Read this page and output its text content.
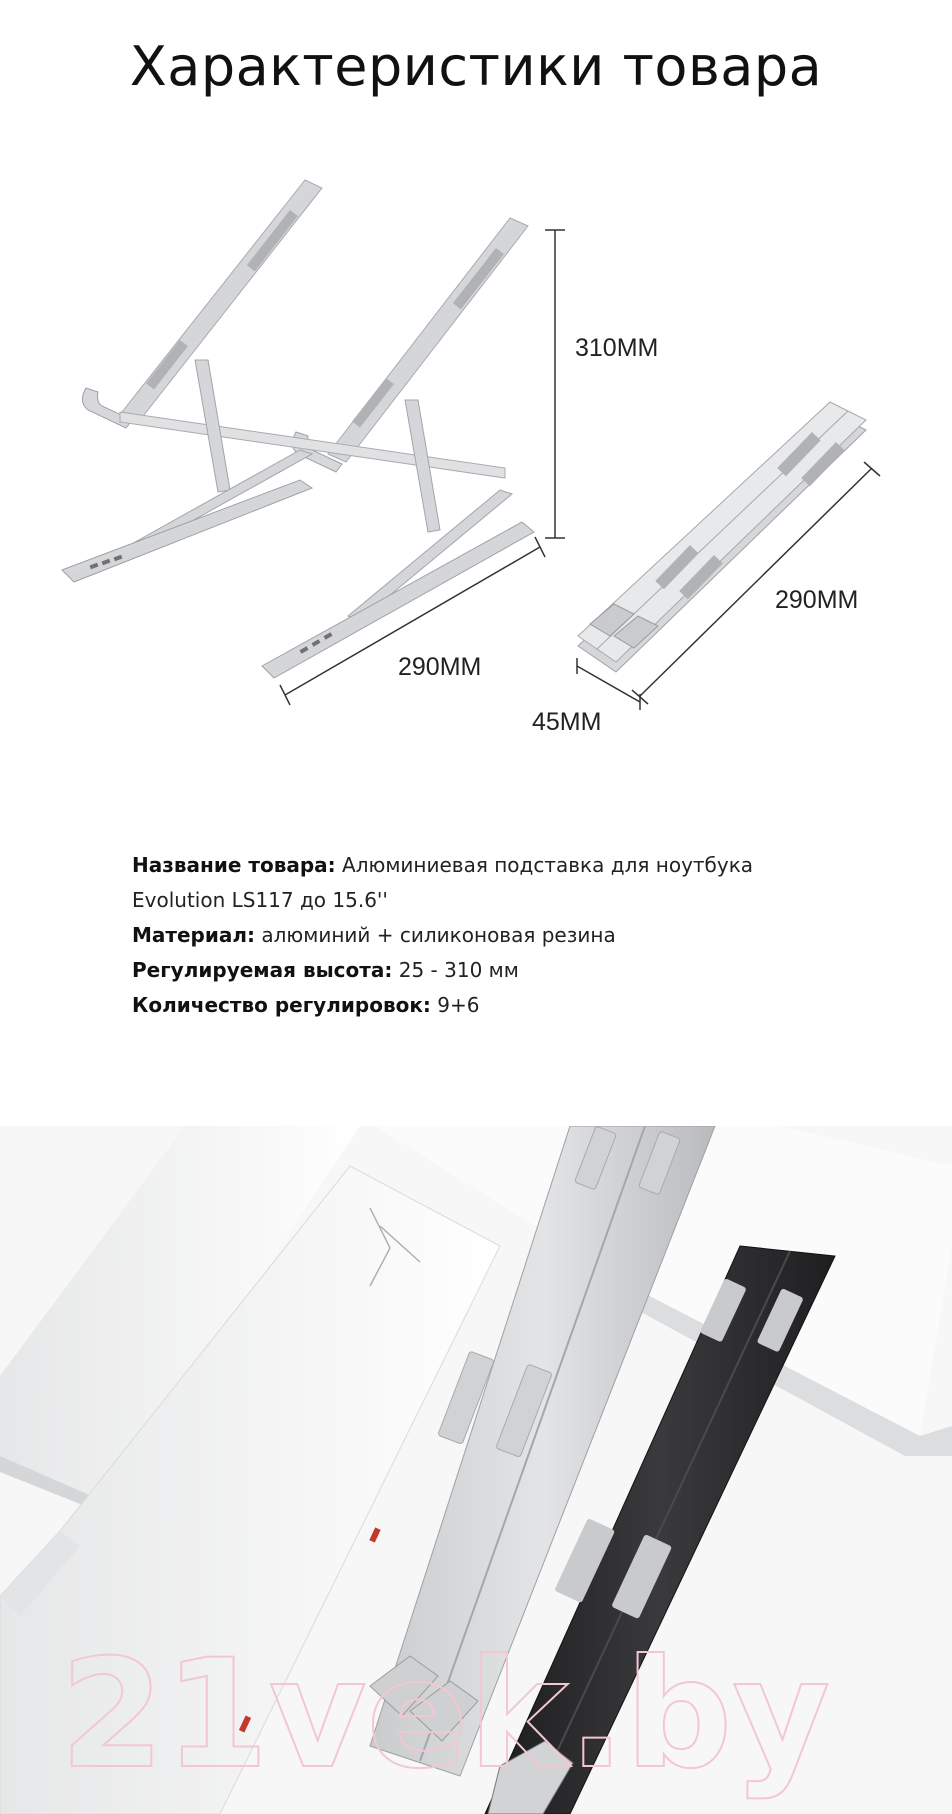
Характеристики товара
310MM
290MM
290MM
45MM
Название товара: Алюминиевая подставка для ноутбука
Evolution LS117 до 15.6''
Материал: алюминий + силиконовая резина
Регулируемая высота: 25 - 310 мм
Количество регулировок: 9+6
21vek.by
